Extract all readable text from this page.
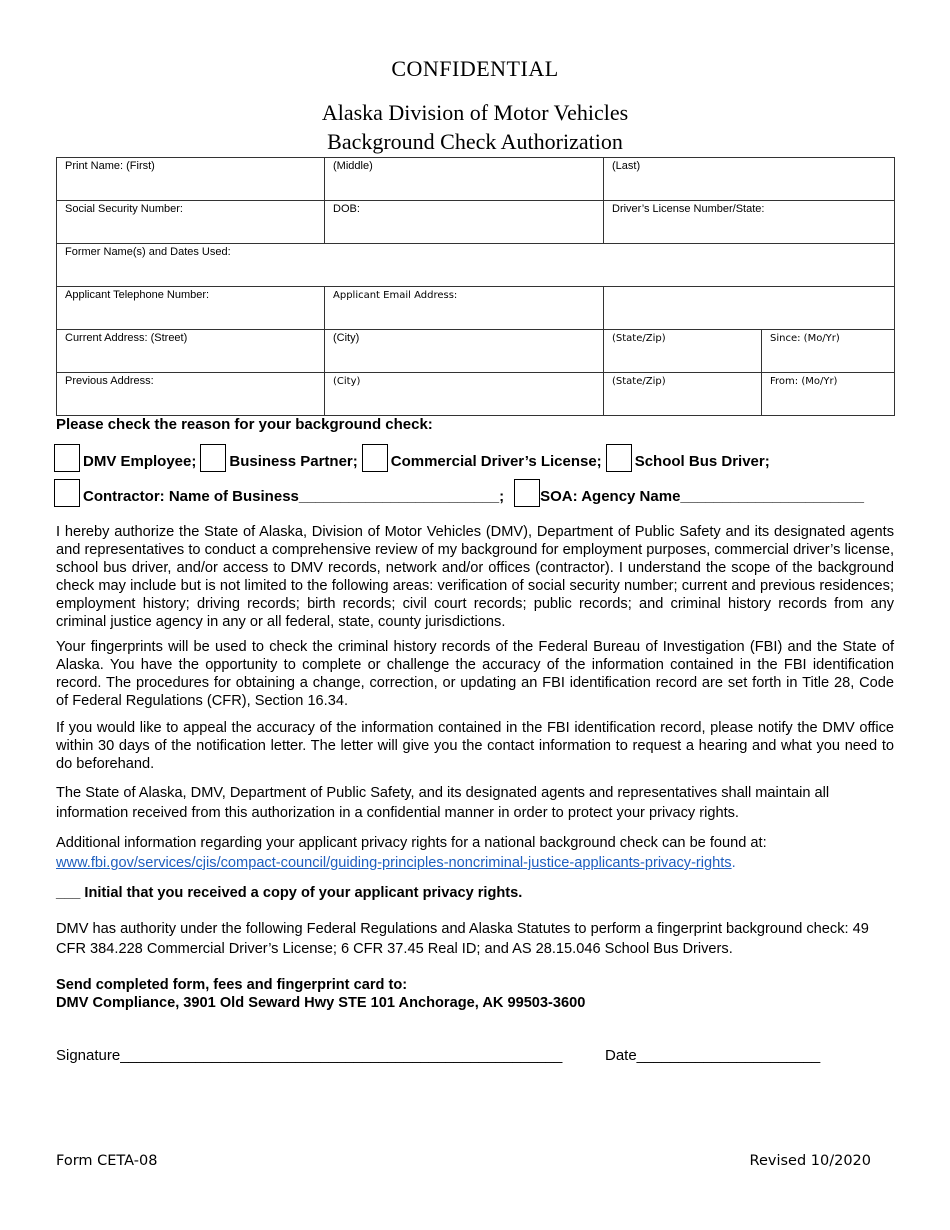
CONFIDENTIAL
Alaska Division of Motor Vehicles
Background Check Authorization
Print Name: (First)	(Middle)	(Last)	
Social Security Number:	DOB:	Driver’s License Number/State:	
Former Name(s) and Dates Used:			
Applicant Telephone Number:	Applicant Email Address:		
Current Address: (Street)	(City)	(State/Zip)	Since: (Mo/Yr)
Previous Address:	(City)	(State/Zip)	From: (Mo/Yr)
Please check the reason for your background check:
DMV Employee; Business Partner; Commercial Driver’s License; School Bus Driver;
Contractor: Name of Business________________________; SOA: Agency Name______________________
I hereby authorize the State of Alaska, Division of Motor Vehicles (DMV), Department of Public Safety and its designated agents and representatives to conduct a comprehensive review of my background for employment purposes, commercial driver’s license, school bus driver, and/or access to DMV records, network and/or offices (contractor). I understand the scope of the background check may include but is not limited to the following areas: verification of social security number; current and previous residences; employment history; driving records; birth records; civil court records; public records; and criminal history records from any criminal justice agency in any or all federal, state, county jurisdictions.
Your fingerprints will be used to check the criminal history records of the Federal Bureau of Investigation (FBI) and the State of Alaska. You have the opportunity to complete or challenge the accuracy of the information contained in the FBI identification record. The procedures for obtaining a change, correction, or updating an FBI identification record are set forth in Title 28, Code of Federal Regulations (CFR), Section 16.34.
If you would like to appeal the accuracy of the information contained in the FBI identification record, please notify the DMV office within 30 days of the notification letter. The letter will give you the contact information to request a hearing and what you need to do beforehand.
The State of Alaska, DMV, Department of Public Safety, and its designated agents and representatives shall maintain all information received from this authorization in a confidential manner in order to protect your privacy rights.
Additional information regarding your applicant privacy rights for a national background check can be found at:
www.fbi.gov/services/cjis/compact-council/guiding-principles-noncriminal-justice-applicants-privacy-rights.
___ Initial that you received a copy of your applicant privacy rights.
DMV has authority under the following Federal Regulations and Alaska Statutes to perform a fingerprint background check: 49 CFR 384.228 Commercial Driver’s License; 6 CFR 37.45 Real ID; and AS 28.15.046 School Bus Drivers.
Send completed form, fees and fingerprint card to:
DMV Compliance, 3901 Old Seward Hwy STE 101 Anchorage, AK 99503-3600
Signature_____________________________________________________	Date______________________
Form CETA-08	Revised 10/2020
